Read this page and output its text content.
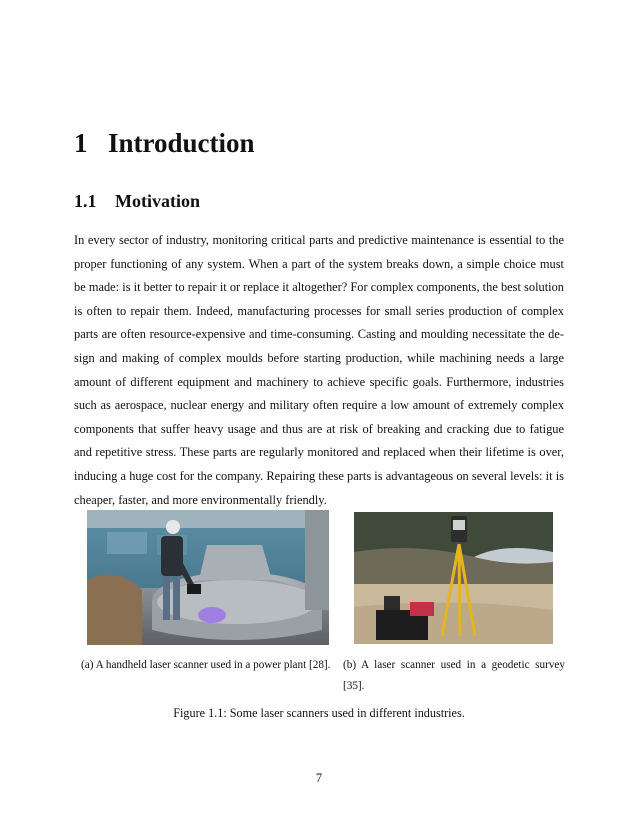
1 Introduction
1.1 Motivation

In every sector of industry, monitoring critical parts and predictive maintenance is essential to the
proper functioning of any system. When a part of the system breaks down, a simple choice must
be made: is it better to repair it or replace it altogether? For complex components, the best solution
is often to repair them. Indeed, manufacturing processes for small series production of complex
parts are often resource-expensive and time-consuming. Casting and moulding necessitate the de-
sign and making of complex moulds before starting production, while machining needs a large
amount of different equipment and machinery to achieve specific goals. Furthermore, industries
such as aerospace, nuclear energy and military often require a low amount of extremely complex
components that suffer heavy usage and thus are at risk of breaking and cracking due to fatigue
and repetitive stress. These parts are regularly monitored and replaced when their lifetime is over,
inducing a huge cost for the company. Repairing these parts is advantageous on several levels: it is
cheaper, faster, and more environmentally friendly.

(a) A handheld laser scanner used in a power plant [28]. (b) A laser scanner used in a geodetic survey [35].
Figure 1.1: Some laser scanners used in different industries.
7
